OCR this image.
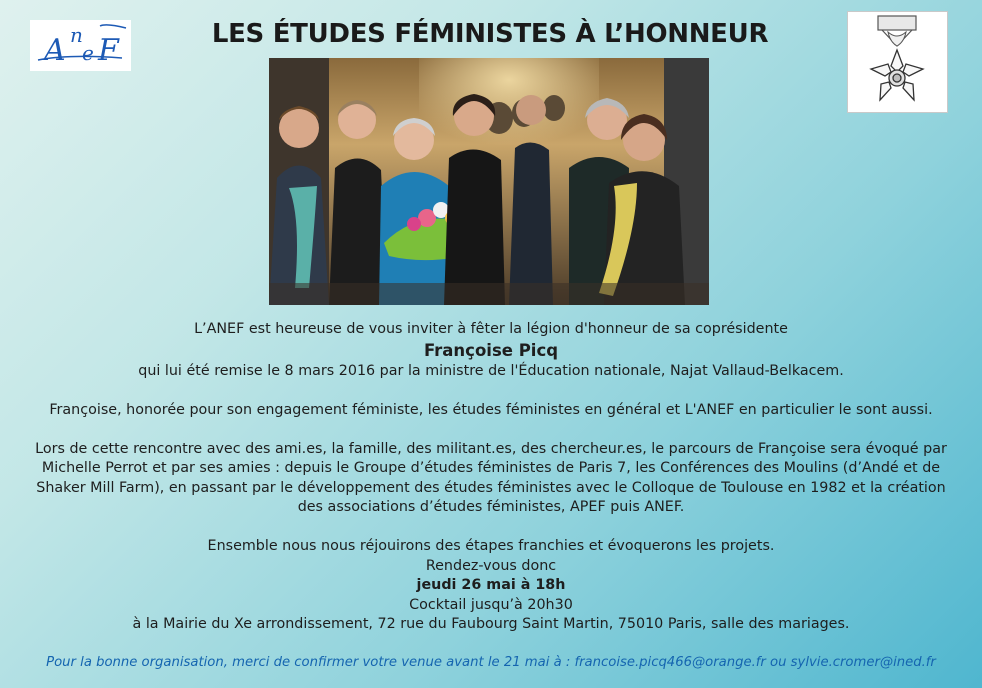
A n
e F	LES ÉTUDES FÉMINISTES À L’HONNEUR

L’ANEF est heureuse de vous inviter à fêter la légion d'honneur de sa coprésidente

Françoise Picq

qui lui été remise le 8 mars 2016 par la ministre de l'Éducation nationale, Najat Vallaud-Belkacem.

Françoise, honorée pour son engagement féministe, les études féministes en général et L'ANEF en particulier le sont aussi.

Lors de cette rencontre avec des ami.es, la famille, des militant.es, des chercheur.es, le parcours de Françoise sera évoqué par

Michelle Perrot et par ses amies : depuis le Groupe d’études féministes de Paris 7, les Conférences des Moulins (d’Andé et de

Shaker Mill Farm), en passant par le développement des études féministes avec le Colloque de Toulouse en 1982 et la création

des associations d’études féministes, APEF puis ANEF.

Ensemble nous nous réjouirons des étapes franchies et évoquerons les projets.

Rendez-vous donc

jeudi 26 mai à 18h

Cocktail jusqu’à 20h30

à la Mairie du Xe arrondissement, 72 rue du Faubourg Saint Martin, 75010 Paris, salle des mariages.

Pour la bonne organisation, merci de confirmer votre venue avant le 21 mai à : francoise.picq466@orange.fr ou sylvie.cromer@ined.fr
